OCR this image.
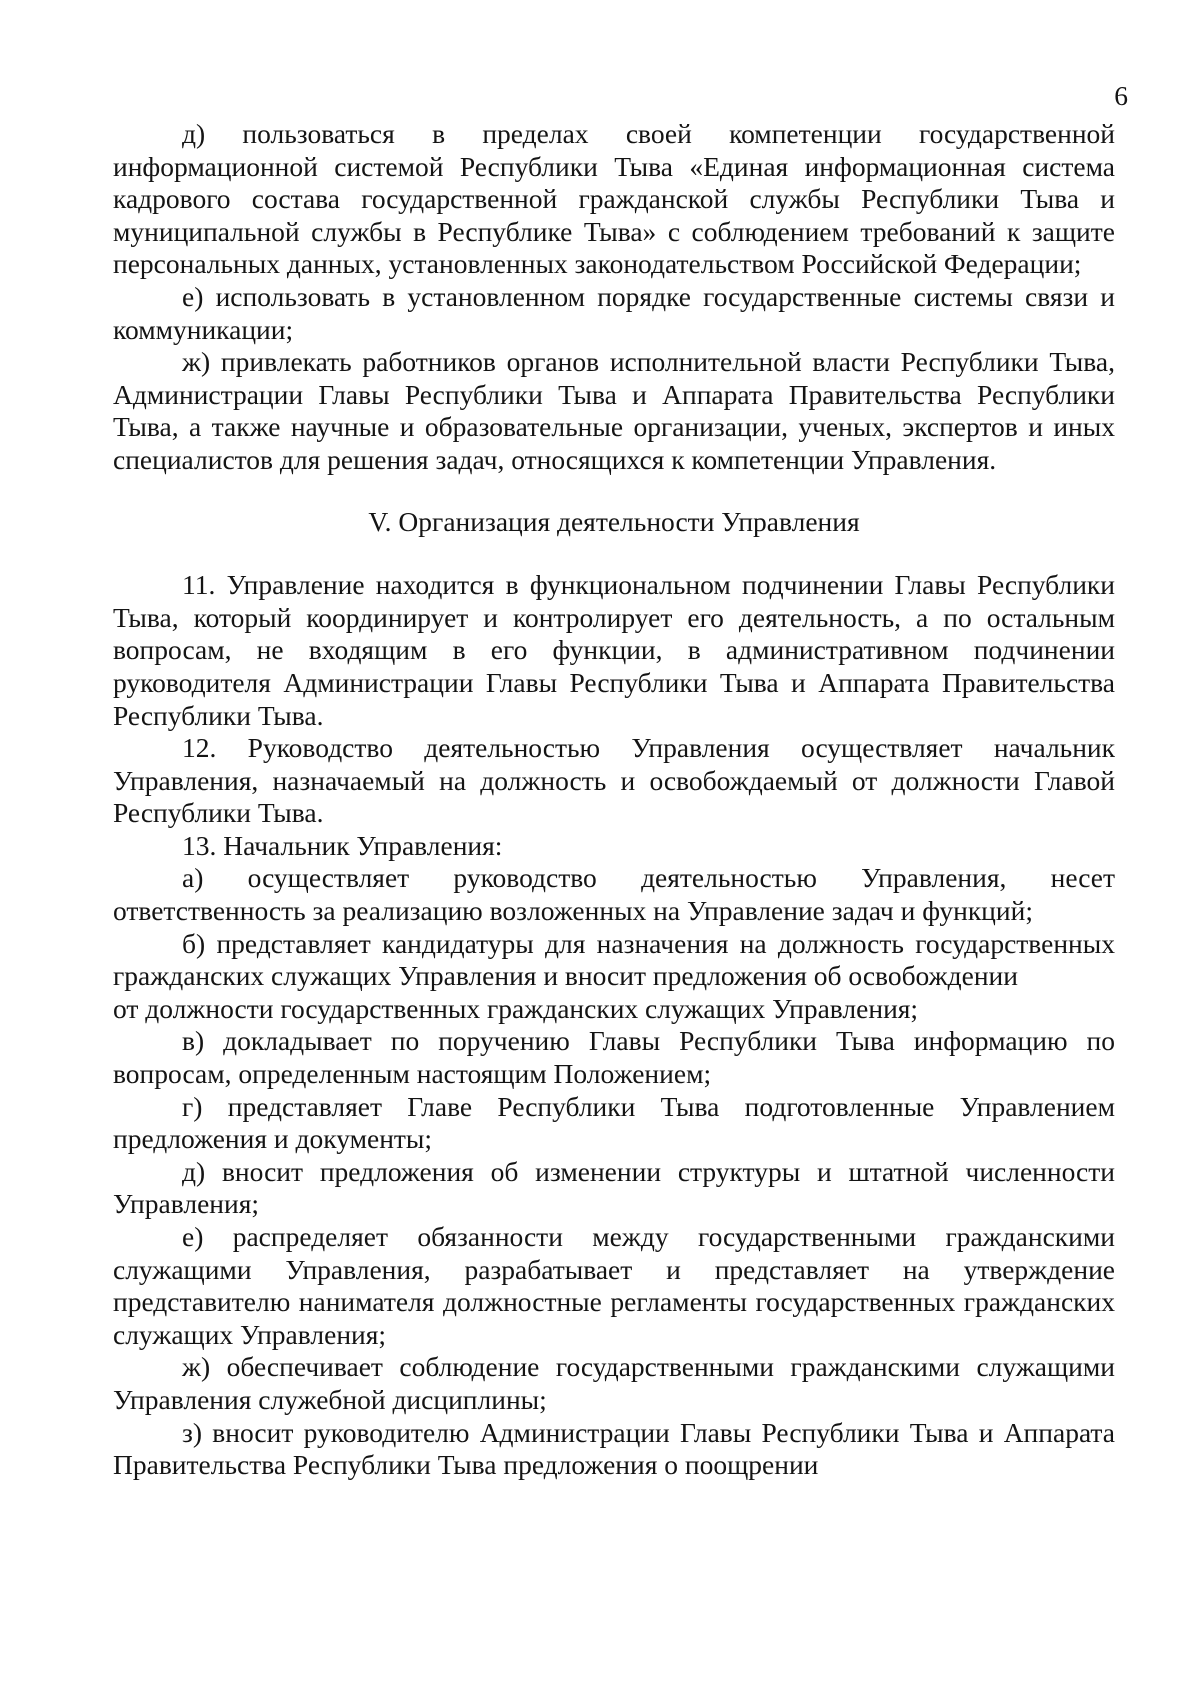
6

д) пользоваться в пределах своей компетенции государственной информационной системой Республики Тыва «Единая информационная система кадрового состава государственной гражданской службы Республики Тыва и муниципальной службы в Республике Тыва» с соблюдением требований к защите персональных данных, установленных законодательством Российской Федерации;

е) использовать в установленном порядке государственные системы связи и коммуникации;

ж) привлекать работников органов исполнительной власти Республики Тыва, Администрации Главы Республики Тыва и Аппарата Правительства Республики Тыва, а также научные и образовательные организации, ученых, экспертов и иных специалистов для решения задач, относящихся к компетенции Управления.

V. Организация деятельности Управления

11. Управление находится в функциональном подчинении Главы Республики Тыва, который координирует и контролирует его деятельность, а по остальным вопросам, не входящим в его функции, в административном подчинении руководителя Администрации Главы Республики Тыва и Аппарата Правительства Республики Тыва.

12. Руководство деятельностью Управления осуществляет начальник Управления, назначаемый на должность и освобождаемый от должности Главой Республики Тыва.

13. Начальник Управления:

а) осуществляет руководство деятельностью Управления, несет ответственность за реализацию возложенных на Управление задач и функций;

б) представляет кандидатуры для назначения на должность государственных гражданских служащих Управления и вносит предложения об освобождении

от должности государственных гражданских служащих Управления;

в) докладывает по поручению Главы Республики Тыва информацию по вопросам, определенным настоящим Положением;

г) представляет Главе Республики Тыва подготовленные Управлением предложения и документы;

д) вносит предложения об изменении структуры и штатной численности Управления;

е) распределяет обязанности между государственными гражданскими служащими Управления, разрабатывает и представляет на утверждение представителю нанимателя должностные регламенты государственных гражданских служащих Управления;

ж) обеспечивает соблюдение государственными гражданскими служащими Управления служебной дисциплины;

з) вносит руководителю Администрации Главы Республики Тыва и Аппарата Правительства Республики Тыва предложения о поощрении
